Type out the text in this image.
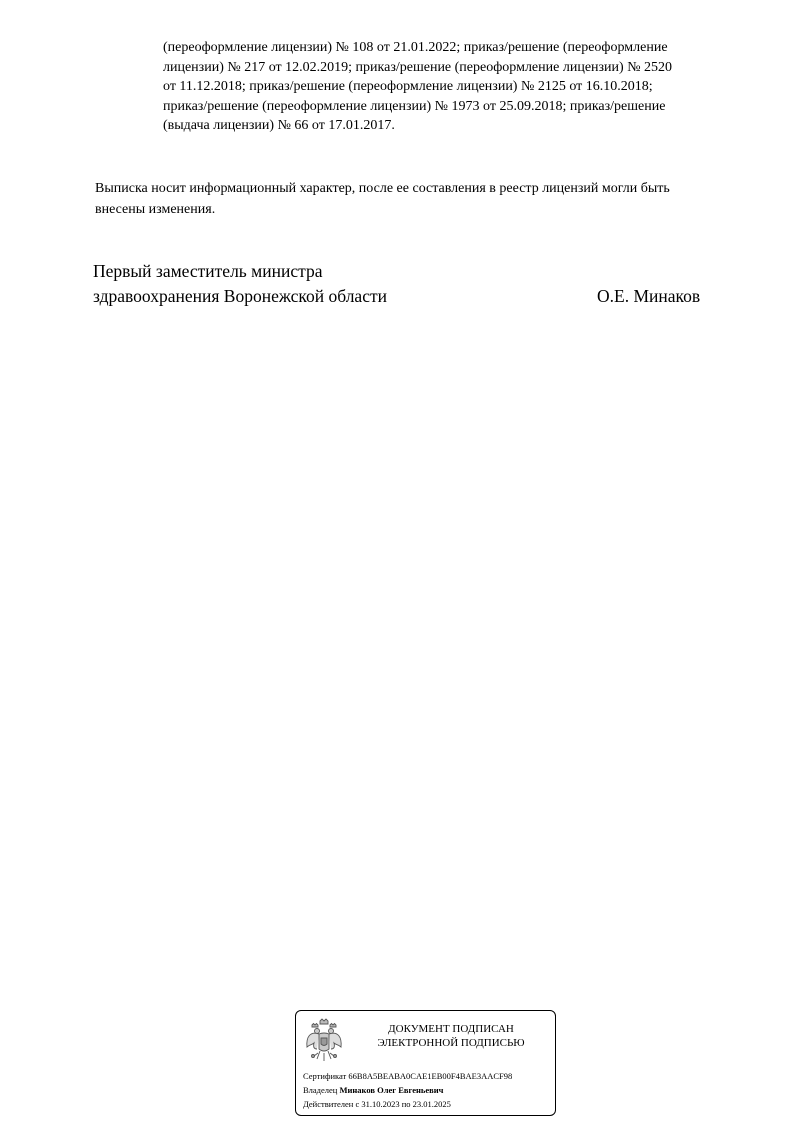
(переоформление лицензии) № 108 от 21.01.2022; приказ/решение (переоформление
лицензии) № 217 от 12.02.2019; приказ/решение (переоформление лицензии) № 2520
от 11.12.2018; приказ/решение (переоформление лицензии) № 2125 от 16.10.2018;
приказ/решение (переоформление лицензии) № 1973 от 25.09.2018; приказ/решение
(выдача лицензии) № 66 от 17.01.2017.
Выписка носит информационный характер, после ее составления в реестр лицензий могли быть
внесены изменения.
Первый заместитель министра
здравоохранения Воронежской области	О.Е. Минаков
ДОКУМЕНТ ПОДПИСАН
ЭЛЕКТРОННОЙ ПОДПИСЬЮ
Сертификат 66B8A5BEABA0CAE1EB00F4BAE3AACF98
Владелец Минаков Олег Евгеньевич
Действителен с 31.10.2023 по 23.01.2025
